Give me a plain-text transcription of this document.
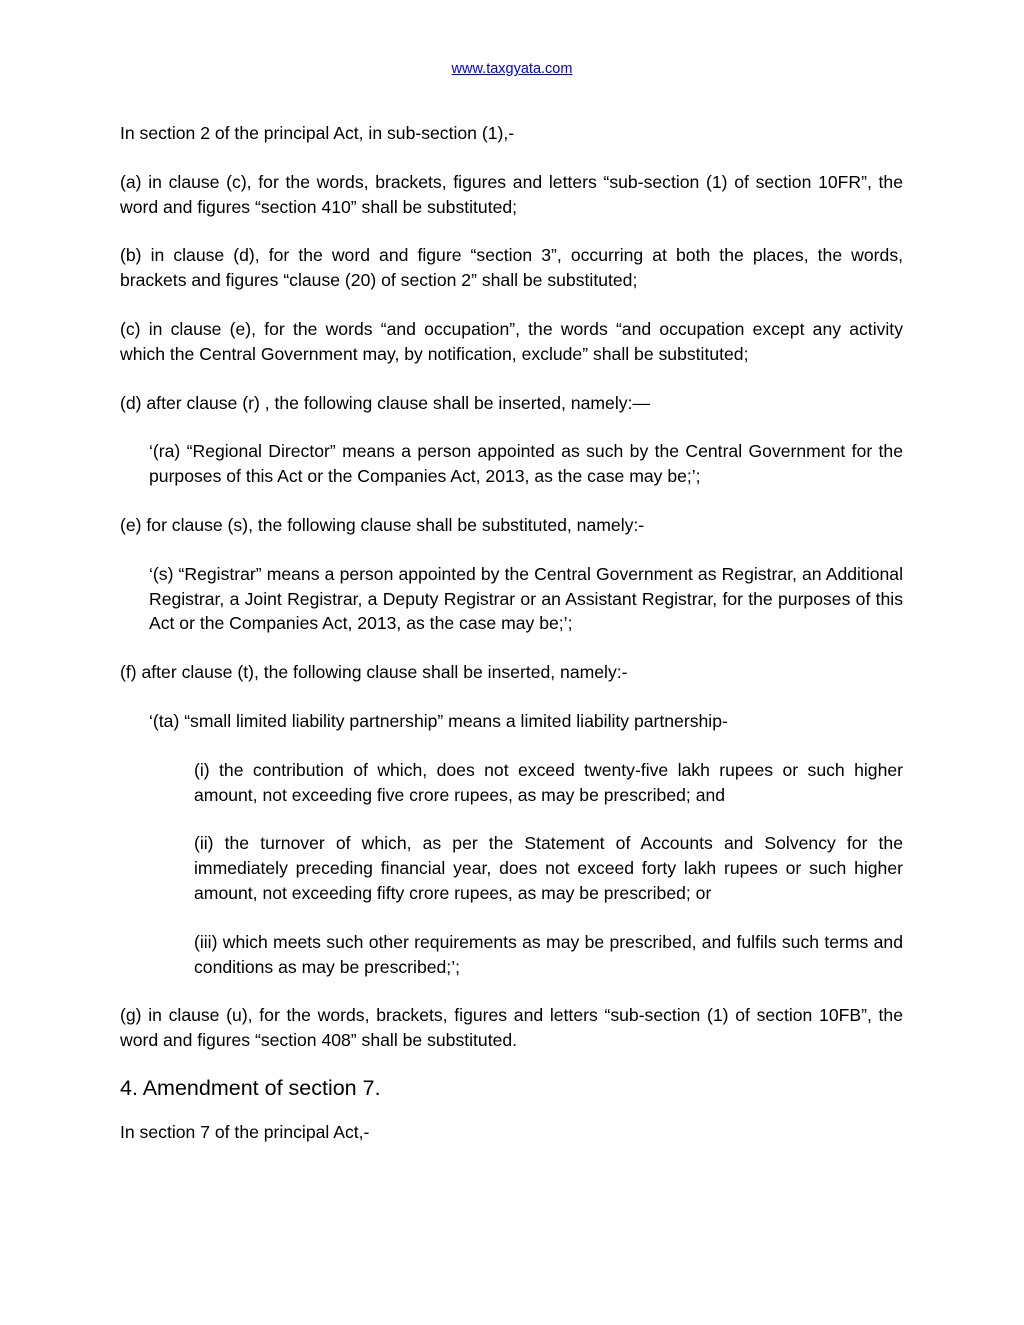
www.taxgyata.com

In section 2 of the principal Act, in sub-section (1),-

(a) in clause (c), for the words, brackets, figures and letters “sub-section (1) of section 10FR”, the word and figures “section 410” shall be substituted;

(b) in clause (d), for the word and figure “section 3”, occurring at both the places, the words, brackets and figures “clause (20) of section 2” shall be substituted;

(c) in clause (e), for the words “and occupation”, the words “and occupation except any activity which the Central Government may, by notification, exclude” shall be substituted;

(d) after clause (r) , the following clause shall be inserted, namely:—

‘(ra) “Regional Director” means a person appointed as such by the Central Government for the purposes of this Act or the Companies Act, 2013, as the case may be;’;

(e) for clause (s), the following clause shall be substituted, namely:-

‘(s) “Registrar” means a person appointed by the Central Government as Registrar, an Additional Registrar, a Joint Registrar, a Deputy Registrar or an Assistant Registrar, for the purposes of this Act or the Companies Act, 2013, as the case may be;’;

(f) after clause (t), the following clause shall be inserted, namely:-

‘(ta) “small limited liability partnership” means a limited liability partnership-

(i) the contribution of which, does not exceed twenty-five lakh rupees or such higher amount, not exceeding five crore rupees, as may be prescribed; and

(ii) the turnover of which, as per the Statement of Accounts and Solvency for the immediately preceding financial year, does not exceed forty lakh rupees or such higher amount, not exceeding fifty crore rupees, as may be prescribed; or

(iii) which meets such other requirements as may be prescribed, and fulfils such terms and conditions as may be prescribed;’;

(g) in clause (u), for the words, brackets, figures and letters “sub-section (1) of section 10FB”, the word and figures “section 408” shall be substituted.

4. Amendment of section 7.

In section 7 of the principal Act,-
